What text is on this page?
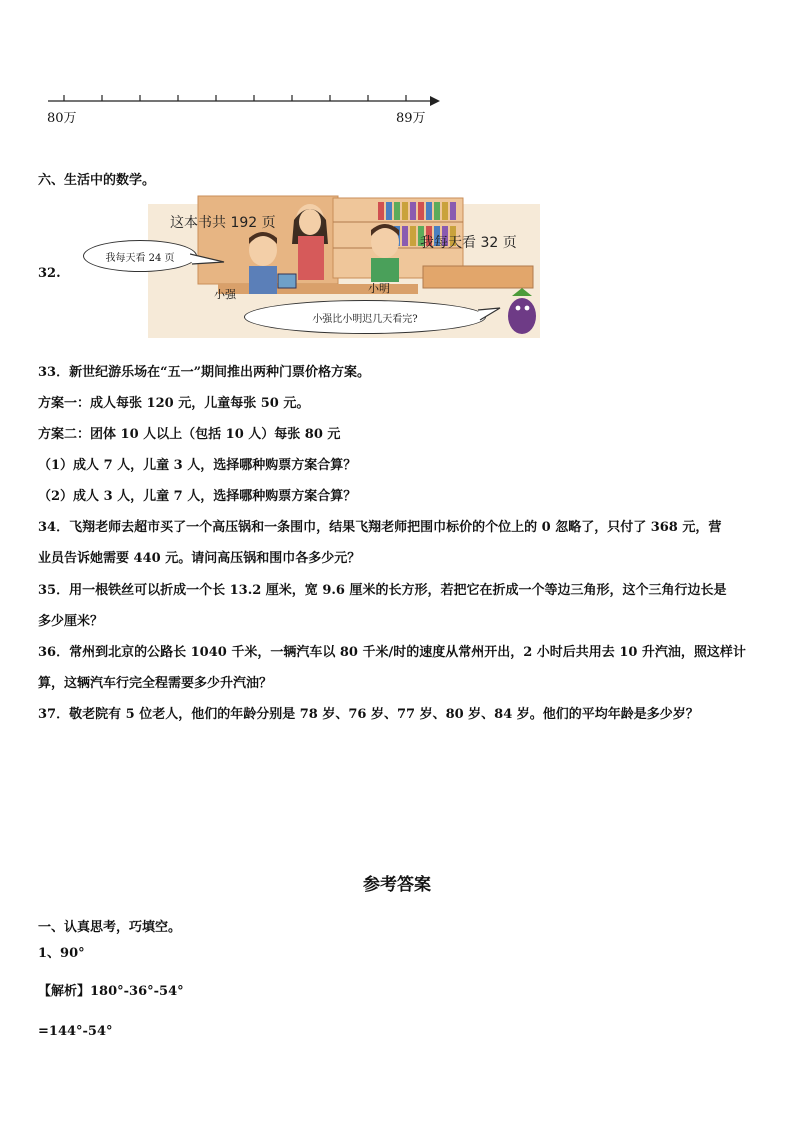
80万	89万
六、生活中的数学。
32.
这本书共 192 页
我每天看 32 页
我每天看 24 页
小强	小明
小强比小明迟几天看完?
33．新世纪游乐场在“五一”期间推出两种门票价格方案。
方案一：成人每张 120 元，儿童每张 50 元。
方案二：团体 10 人以上（包括 10 人）每张 80 元
（1）成人 7 人，儿童 3 人，选择哪种购票方案合算？
（2）成人 3 人，儿童 7 人，选择哪种购票方案合算？
34．飞翔老师去超市买了一个高压锅和一条围巾，结果飞翔老师把围巾标价的个位上的 0 忽略了，只付了 368 元，营
业员告诉她需要 440 元。请问高压锅和围巾各多少元？
35．用一根铁丝可以折成一个长 13.2 厘米，宽 9.6 厘米的长方形，若把它在折成一个等边三角形，这个三角行边长是
多少厘米？
36．常州到北京的公路长 1040 千米，一辆汽车以 80 千米/时的速度从常州开出，2 小时后共用去 10 升汽油，照这样计
算，这辆汽车行完全程需要多少升汽油？
37．敬老院有 5 位老人，他们的年龄分别是 78 岁、76 岁、77 岁、80 岁、84 岁。他们的平均年龄是多少岁？
参考答案
一、认真思考，巧填空。
1、90°
【解析】180°-36°-54°
=144°-54°
